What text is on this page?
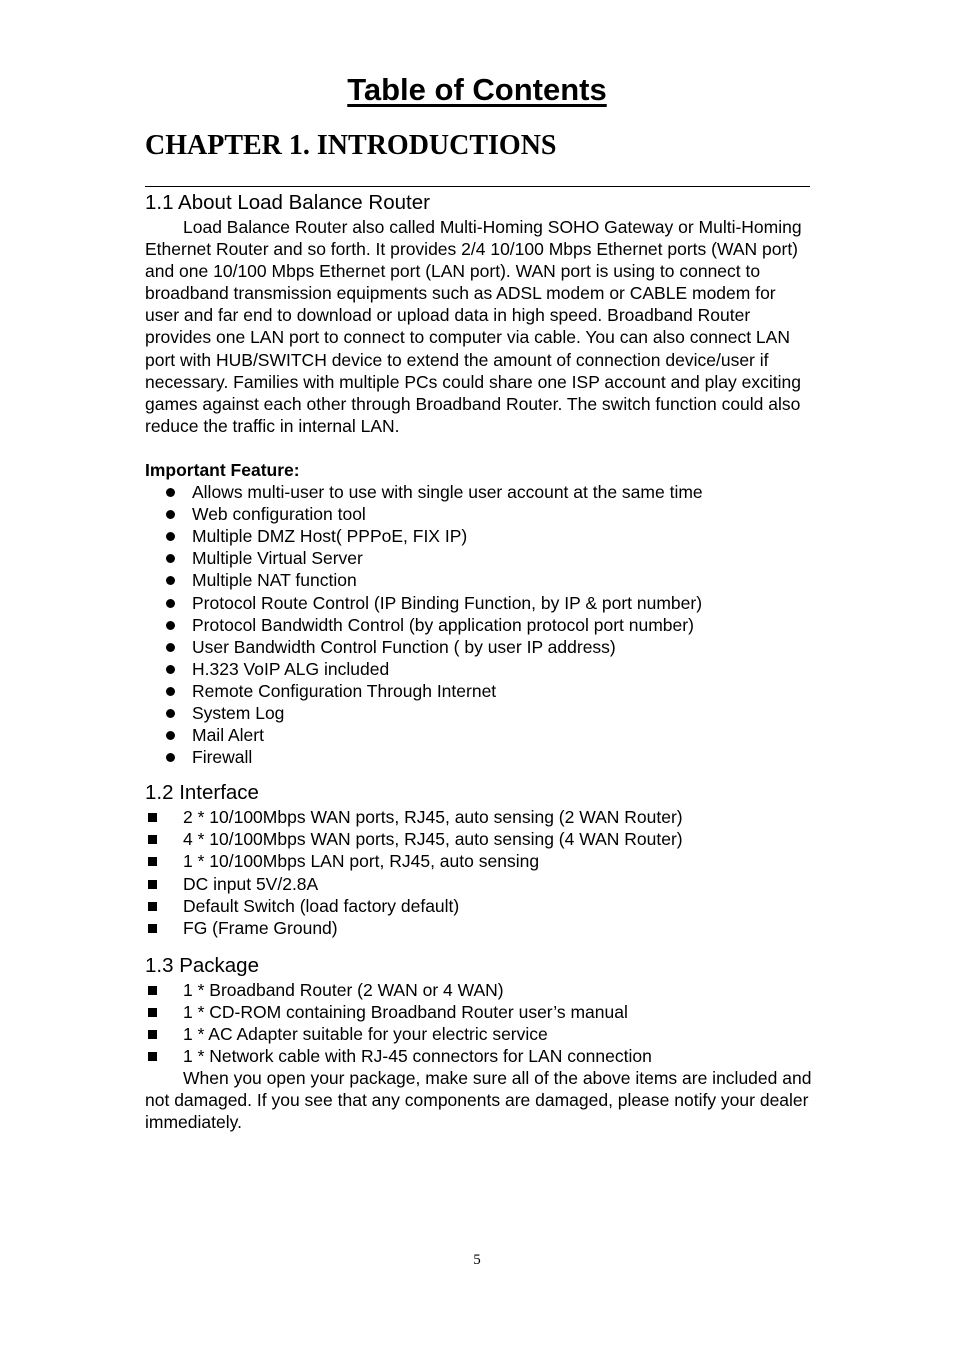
Table of Contents
CHAPTER 1. INTRODUCTIONS
1.1 About Load Balance Router

Load Balance Router also called Multi-Homing SOHO Gateway or Multi-Homing Ethernet Router and so forth. It provides 2/4 10/100 Mbps Ethernet ports (WAN port) and one 10/100 Mbps Ethernet port (LAN port). WAN port is using to connect to broadband transmission equipments such as ADSL modem or CABLE modem for user and far end to download or upload data in high speed. Broadband Router provides one LAN port to connect to computer via cable. You can also connect LAN port with HUB/SWITCH device to extend the amount of connection device/user if necessary. Families with multiple PCs could share one ISP account and play exciting games against each other through Broadband Router. The switch function could also reduce the traffic in internal LAN.

Important Feature:

Allows multi-user to use with single user account at the same time
Web configuration tool
Multiple DMZ Host( PPPoE, FIX IP)
Multiple Virtual Server
Multiple NAT function
Protocol Route Control (IP Binding Function, by IP & port number)
Protocol Bandwidth Control (by application protocol port number)
User Bandwidth Control Function ( by user IP address)
H.323 VoIP ALG included
Remote Configuration Through Internet
System Log
Mail Alert
Firewall
1.2 Interface
2 * 10/100Mbps WAN ports, RJ45, auto sensing (2 WAN Router)
4 * 10/100Mbps WAN ports, RJ45, auto sensing (4 WAN Router)
1 * 10/100Mbps LAN port, RJ45, auto sensing
DC input 5V/2.8A
Default Switch (load factory default)
FG (Frame Ground)
1.3 Package
1 * Broadband Router (2 WAN or 4 WAN)
1 * CD-ROM containing Broadband Router user’s manual
1 * AC Adapter suitable for your electric service
1 * Network cable with RJ-45 connectors for LAN connection

When you open your package, make sure all of the above items are included and not damaged. If you see that any components are damaged, please notify your dealer immediately.

5
